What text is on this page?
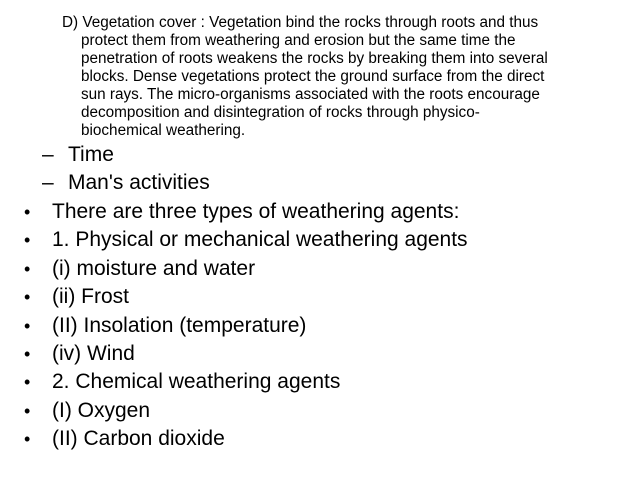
D) Vegetation cover : Vegetation bind the rocks through roots and thus
protect them from weathering and erosion but the same time the
penetration of roots weakens the rocks by breaking them into several
blocks. Dense vegetations protect the ground surface from the direct
sun rays. The micro-organisms associated with the roots encourage
decomposition and disintegration of rocks through physico-
biochemical weathering.
– Time
– Man's activities
• There are three types of weathering agents:
• 1. Physical or mechanical weathering agents
• (i) moisture and water
• (ii) Frost
• (II) Insolation (temperature)
• (iv) Wind
• 2. Chemical weathering agents
• (I) Oxygen
• (II) Carbon dioxide
